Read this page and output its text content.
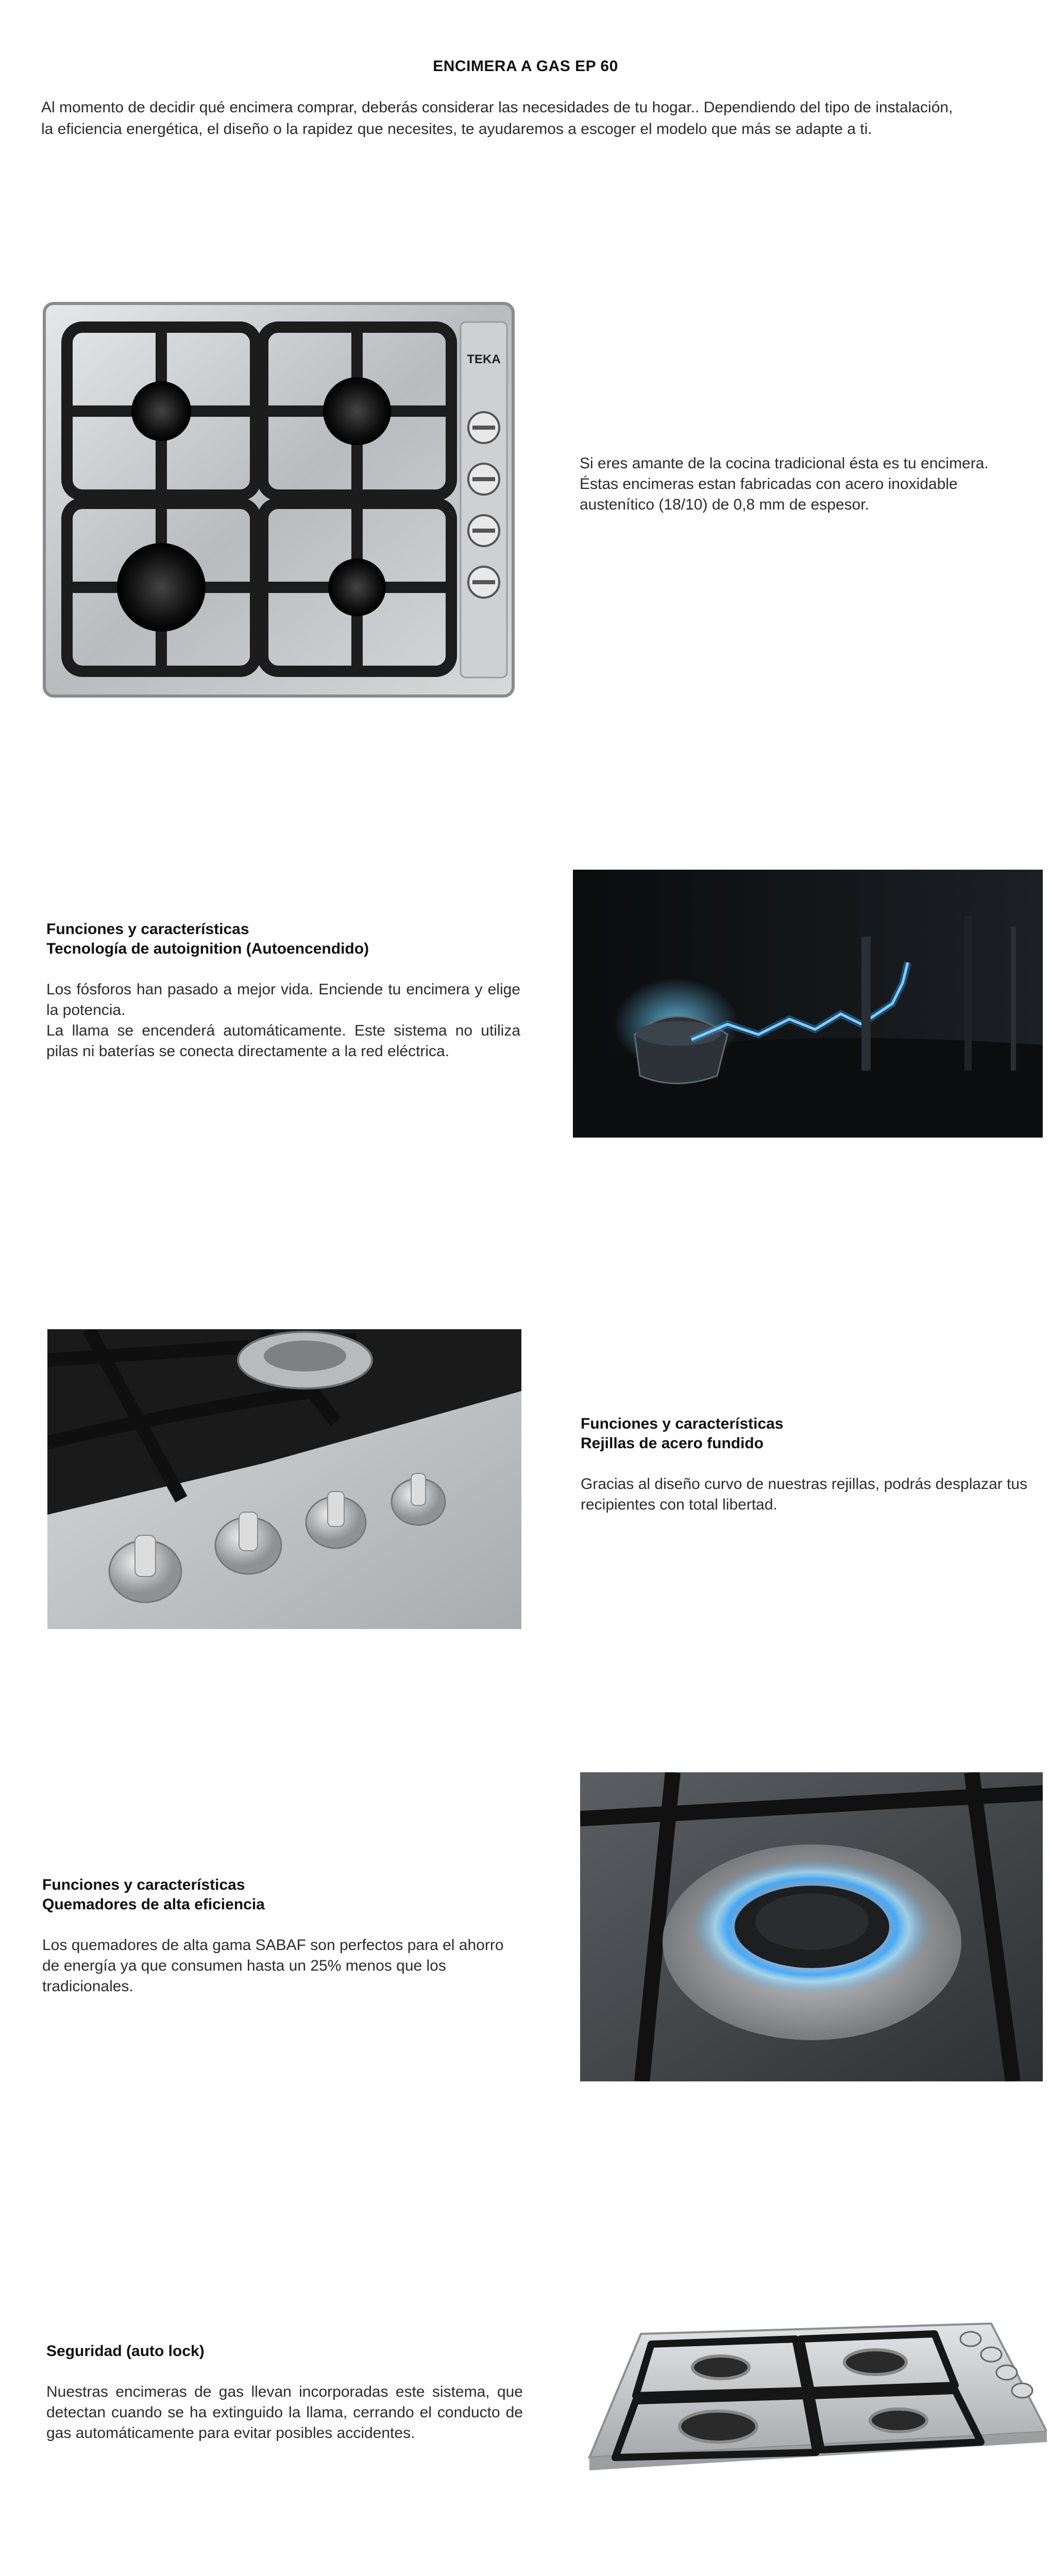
ENCIMERA A GAS EP 60
Al momento de decidir qué encimera comprar, deberás considerar las necesidades de tu hogar.. Dependiendo del tipo de instalación, la eficiencia energética, el diseño o la rapidez que necesites, te ayudaremos a escoger el modelo que más se adapte a ti.
TEKA

Si eres amante de la cocina tradicional ésta es tu encimera.

Éstas encimeras estan fabricadas con acero inoxidable austenítico (18/10) de 0,8 mm de espesor.

Funciones y características
Tecnología de autoignition (Autoencendido)

Los fósforos han pasado a mejor vida. Enciende tu encimera y elige la potencia.

La llama se encenderá automáticamente. Este sistema no utiliza pilas ni baterías se conecta directamente a la red eléctrica.

Funciones y características
Rejillas de acero fundido

Gracias al diseño curvo de nuestras rejillas, podrás desplazar tus recipientes con total libertad.

Funciones y características
Quemadores de alta eficiencia

Los quemadores de alta gama SABAF son perfectos para el ahorro de energía ya que consumen hasta un 25% menos que los tradicionales.

Seguridad (auto lock)

Nuestras encimeras de gas llevan incorporadas este sistema, que detectan cuando se ha extinguido la llama, cerrando el conducto de gas automáticamente para evitar posibles accidentes.
